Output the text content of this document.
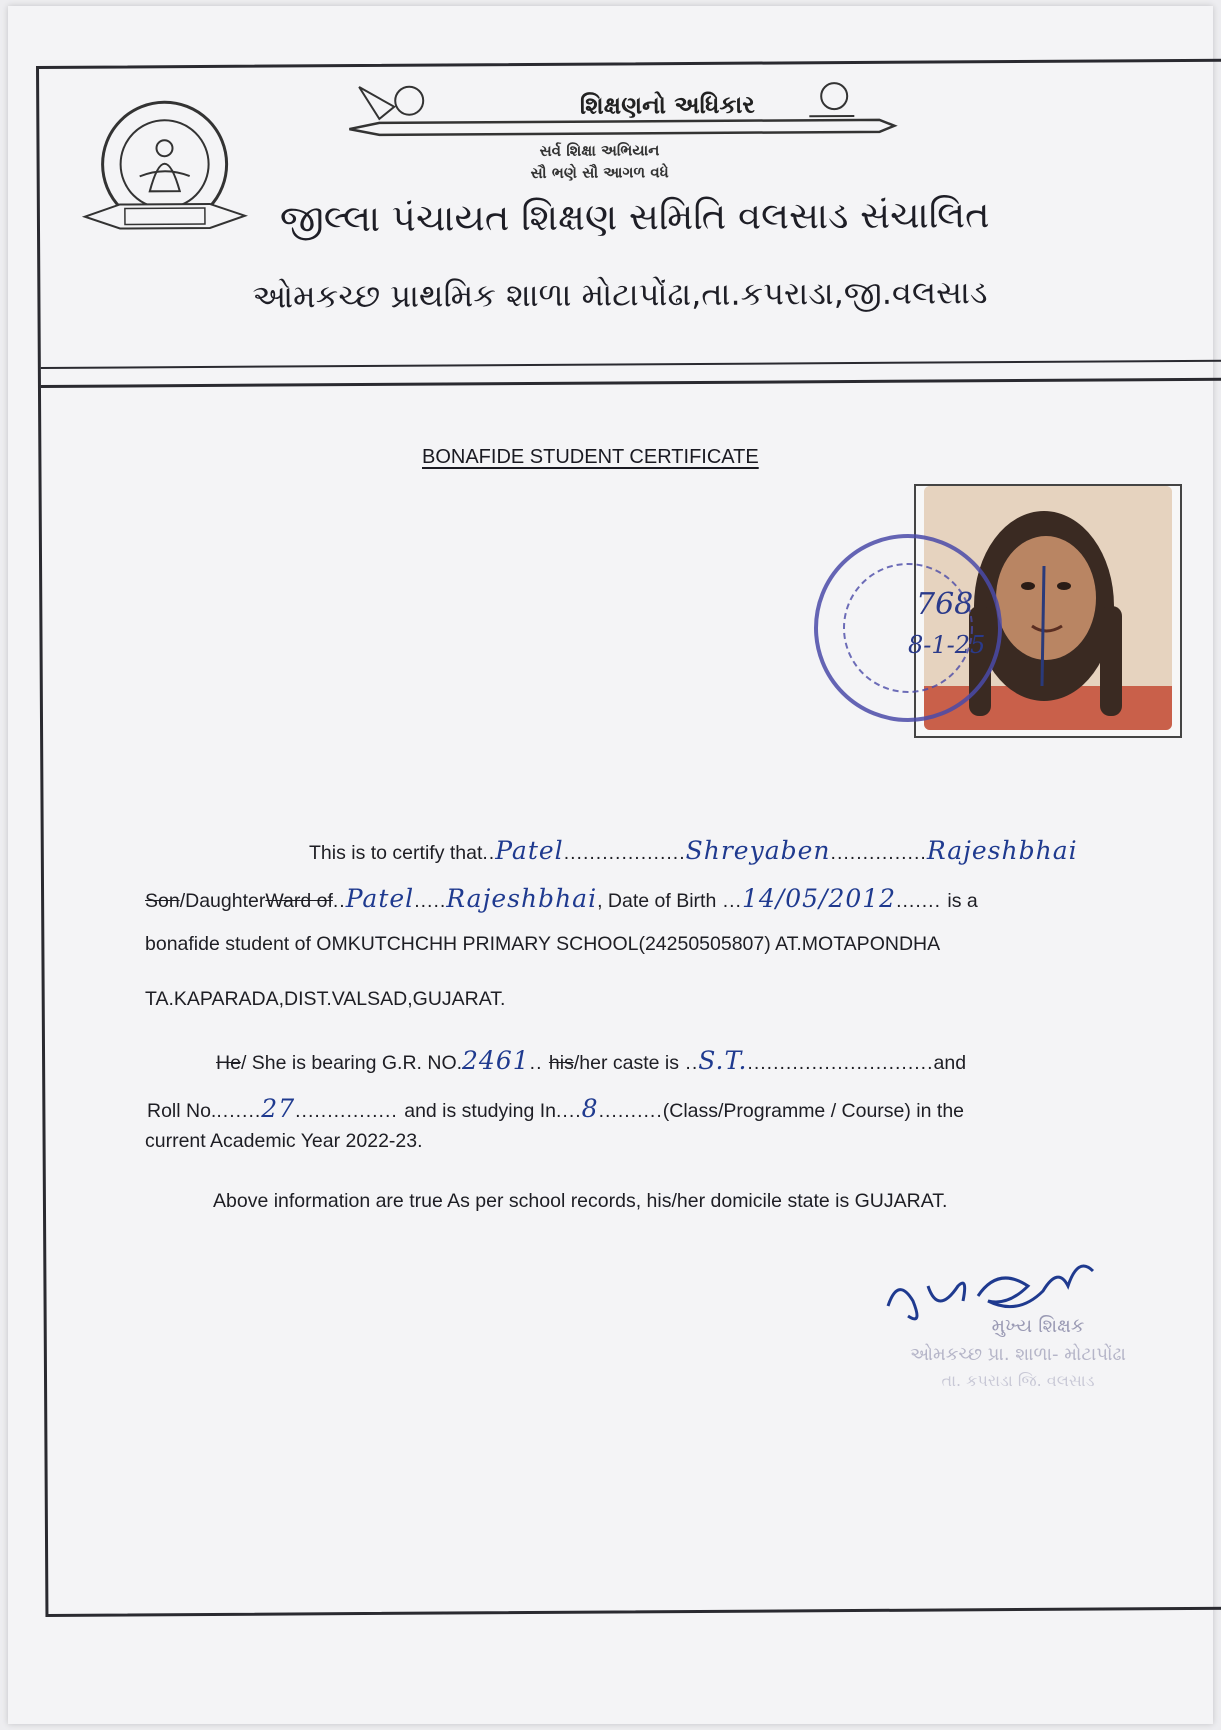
શિક્ષણનો અધિકાર
સર્વ શિક્ષા અભિયાન
સૌ ભણે સૌ આગળ વધે
જીલ્લા પંચાયત શિક્ષણ સમિતિ વલસાડ સંચાલિત
ઓમકચ્છ પ્રાથમિક શાળા મોટાપોંઢા,તા.કપરાડા,જી.વલસાડ
BONAFIDE STUDENT CERTIFICATE
768
8-1-25
This is to certify that..Patel...................Shreyaben...............Rajeshbhai
Son/DaughterWard of..Patel.....Rajeshbhai, Date of Birth ...14/05/2012....... is a
bonafide student of OMKUTCHCHH PRIMARY SCHOOL(24250505807) AT.MOTAPONDHA
TA.KAPARADA,DIST.VALSAD,GUJARAT.
He/ She is bearing G.R. NO.2461.. his/her caste is ..S.T..............................and
Roll No........27................ and is studying In....8..........(Class/Programme / Course) in the
current Academic Year 2022-23.
Above information are true As per school records, his/her domicile state is GUJARAT.
મુખ્ય શિક્ષક
ઓમકચ્છ પ્રા. શાળા- મોટાપોંઢા
તા. કપરાડા જિ. વલસાડ
